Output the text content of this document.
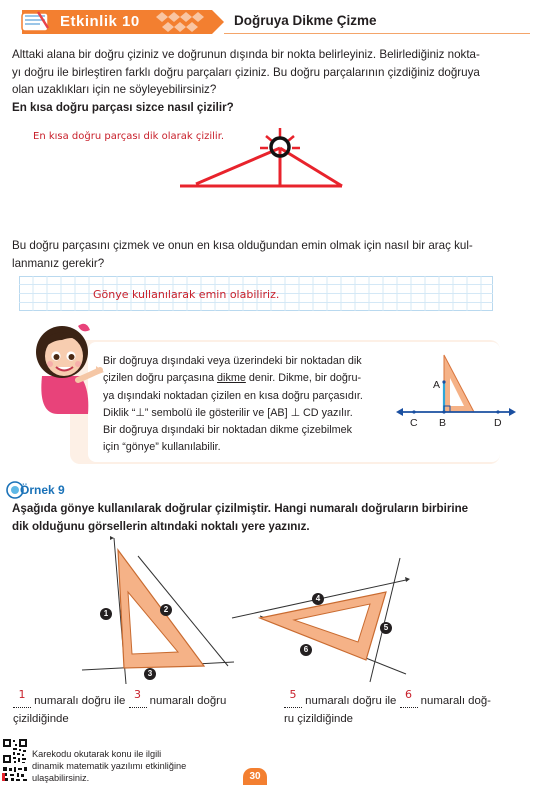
Etkinlik 10	Doğruya Dikme Çizme
Alttaki alana bir doğru çiziniz ve doğrunun dışında bir nokta belirleyiniz. Belirlediğiniz nokta-
yı doğru ile birleştiren farklı doğru parçaları çiziniz. Bu doğru parçalarının çizdiğiniz doğruya
olan uzaklıkları için ne söyleyebilirsiniz?
En kısa doğru parçası sizce nasıl çizilir?
En kısa doğru parçası dik olarak çizilir.
Bu doğru parçasını çizmek ve onun en kısa olduğundan emin olmak için nasıl bir araç kul-
lanmanız gerekir?
Gönye kullanılarak emin olabiliriz.
Bir doğruya dışındaki veya üzerindeki bir noktadan dik
çizilen doğru parçasına dikme denir. Dikme, bir doğru-
ya dışındaki noktadan çizilen en kısa doğru parçasıdır.
Diklik “⊥” sembolü ile gösterilir ve [AB] ⊥ CD yazılır.
Bir doğruya dışındaki bir noktadan dikme çizebilmek
için “gönye” kullanılabilir.
A
C B	D
Örnek 9
Aşağıda gönye kullanılarak doğrular çizilmiştir. Hangi numaralı doğruların birbirine
dik olduğunu görsellerin altındaki noktalı yere yazınız.
1	2
3
4
5
6
1 numaralı doğru ile 3 numaralı doğru
çizildiğinde
5 numaralı doğru ile 6 numaralı doğ-
ru çizildiğinde
Karekodu okutarak konu ile ilgili
dinamik matematik yazılımı etkinliğine
ulaşabilirsiniz.	30
